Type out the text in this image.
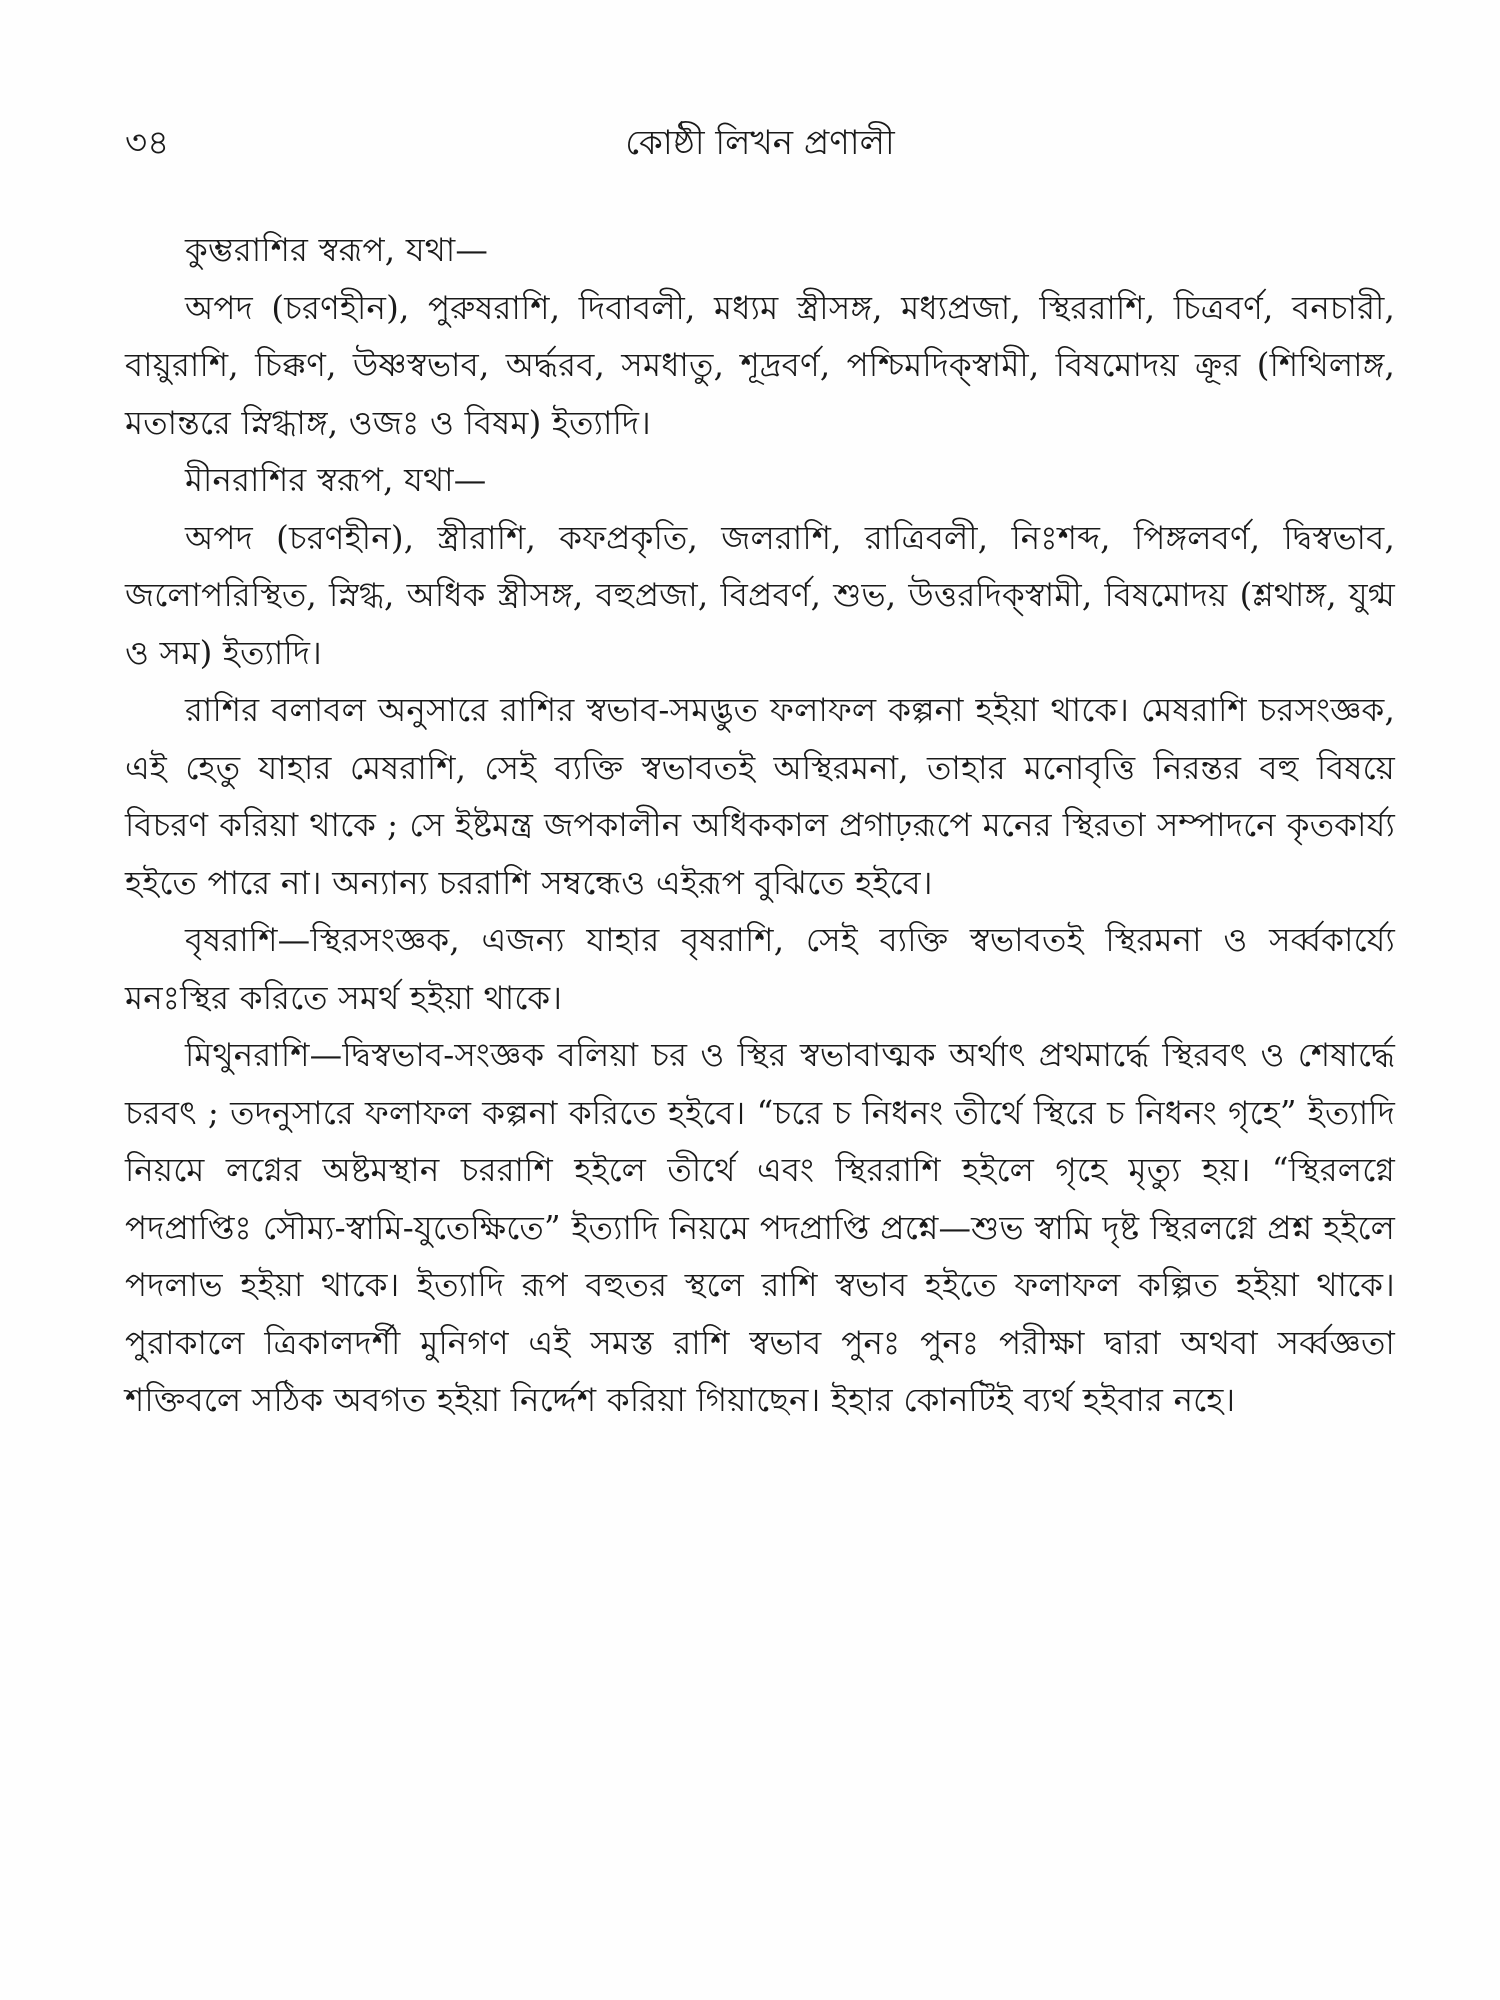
৩৪	কোষ্ঠী লিখন প্রণালী

কুম্ভরাশির স্বরূপ, যথা—

অপদ (চরণহীন), পুরুষরাশি, দিবাবলী, মধ্যম স্ত্রীসঙ্গ, মধ্যপ্রজা, স্থিররাশি, চিত্রবর্ণ, বনচারী, বায়ুরাশি, চিক্কণ, উষ্ণস্বভাব, অর্দ্ধরব, সমধাতু, শূদ্রবর্ণ, পশ্চিমদিক্‌স্বামী, বিষমোদয় ক্রূর (শিথিলাঙ্গ, মতান্তরে স্নিগ্ধাঙ্গ, ওজঃ ও বিষম) ইত্যাদি।

মীনরাশির স্বরূপ, যথা—

অপদ (চরণহীন), স্ত্রীরাশি, কফপ্রকৃতি, জলরাশি, রাত্রিবলী, নিঃশব্দ, পিঙ্গলবর্ণ, দ্বিস্বভাব, জলোপরিস্থিত, স্নিগ্ধ, অধিক স্ত্রীসঙ্গ, বহুপ্রজা, বিপ্রবর্ণ, শুভ, উত্তরদিক্‌স্বামী, বিষমোদয় (শ্লথাঙ্গ, যুগ্ম ও সম) ইত্যাদি।

রাশির বলাবল অনুসারে রাশির স্বভাব-সমদ্ভুত ফলাফল কল্পনা হইয়া থাকে। মেষরাশি চরসংজ্ঞক, এই হেতু যাহার মেষরাশি, সেই ব্যক্তি স্বভাবতই অস্থিরমনা, তাহার মনোবৃত্তি নিরন্তর বহু বিষয়ে বিচরণ করিয়া থাকে ; সে ইষ্টমন্ত্র জপকালীন অধিককাল প্রগাঢ়রূপে মনের স্থিরতা সম্পাদনে কৃতকার্য্য হইতে পারে না। অন্যান্য চররাশি সম্বন্ধেও এইরূপ বুঝিতে হইবে।

বৃষরাশি—স্থিরসংজ্ঞক, এজন্য যাহার বৃষরাশি, সেই ব্যক্তি স্বভাবতই স্থিরমনা ও সর্ব্বকার্য্যে মনঃস্থির করিতে সমর্থ হইয়া থাকে।

মিথুনরাশি—দ্বিস্বভাব-সংজ্ঞক বলিয়া চর ও স্থির স্বভাবাত্মক অর্থাৎ প্রথমার্দ্ধে স্থিরবৎ ও শেষার্দ্ধে চরবৎ ; তদনুসারে ফলাফল কল্পনা করিতে হইবে। “চরে চ নিধনং তীর্থে স্থিরে চ নিধনং গৃহে” ইত্যাদি নিয়মে লগ্নের অষ্টমস্থান চররাশি হইলে তীর্থে এবং স্থিররাশি হইলে গৃহে মৃত্যু হয়। “স্থিরলগ্নে পদপ্রাপ্তিঃ সৌম্য-স্বামি-যুতেক্ষিতে” ইত্যাদি নিয়মে পদপ্রাপ্তি প্রশ্নে—শুভ স্বামি দৃষ্ট স্থিরলগ্নে প্রশ্ন হইলে পদলাভ হইয়া থাকে। ইত্যাদি রূপ বহুতর স্থলে রাশি স্বভাব হইতে ফলাফল কল্পিত হইয়া থাকে। পুরাকালে ত্রিকালদর্শী মুনিগণ এই সমস্ত রাশি স্বভাব পুনঃ পুনঃ পরীক্ষা দ্বারা অথবা সর্ব্বজ্ঞতা শক্তিবলে সঠিক অবগত হইয়া নির্দ্দেশ করিয়া গিয়াছেন। ইহার কোনটিই ব্যর্থ হইবার নহে।
